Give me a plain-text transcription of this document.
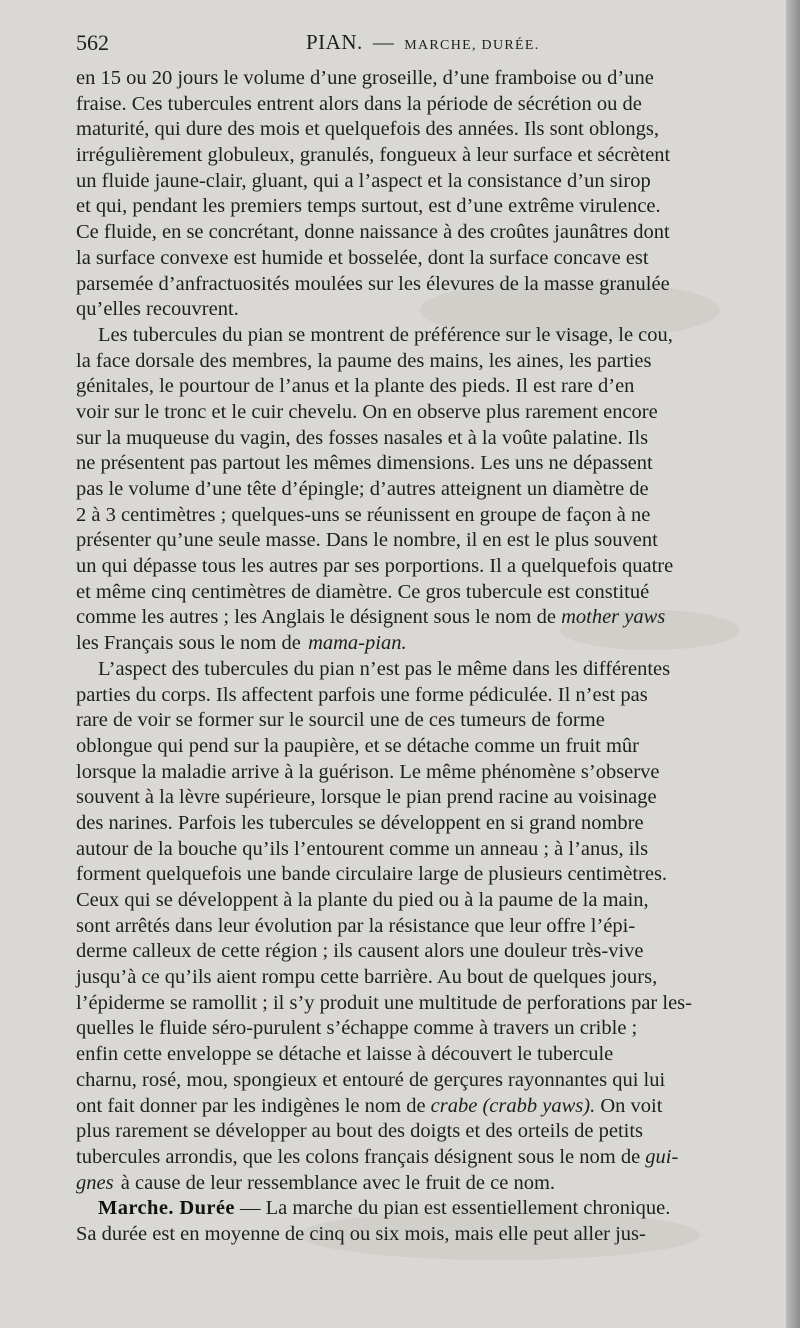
562	PIAN. — MARCHE, DURÉE.
en 15 ou 20 jours le volume d’une groseille, d’une framboise ou d’une
fraise. Ces tubercules entrent alors dans la période de sécrétion ou de
maturité, qui dure des mois et quelquefois des années. Ils sont oblongs,
irrégulièrement globuleux, granulés, fongueux à leur surface et sécrètent
un fluide jaune-clair, gluant, qui a l’aspect et la consistance d’un sirop
et qui, pendant les premiers temps surtout, est d’une extrême virulence.
Ce fluide, en se concrétant, donne naissance à des croûtes jaunâtres dont
la surface convexe est humide et bosselée, dont la surface concave est
parsemée d’anfractuosités moulées sur les élevures de la masse granulée
qu’elles recouvrent.
Les tubercules du pian se montrent de préférence sur le visage, le cou,
la face dorsale des membres, la paume des mains, les aines, les parties
génitales, le pourtour de l’anus et la plante des pieds. Il est rare d’en
voir sur le tronc et le cuir chevelu. On en observe plus rarement encore
sur la muqueuse du vagin, des fosses nasales et à la voûte palatine. Ils
ne présentent pas partout les mêmes dimensions. Les uns ne dépassent
pas le volume d’une tête d’épingle; d’autres atteignent un diamètre de
2 à 3 centimètres ; quelques-uns se réunissent en groupe de façon à ne
présenter qu’une seule masse. Dans le nombre, il en est le plus souvent
un qui dépasse tous les autres par ses porportions. Il a quelquefois quatre
et même cinq centimètres de diamètre. Ce gros tubercule est constitué
comme les autres ; les Anglais le désignent sous le nom de mother yaws
les Français sous le nom de mama-pian.
L’aspect des tubercules du pian n’est pas le même dans les différentes
parties du corps. Ils affectent parfois une forme pédiculée. Il n’est pas
rare de voir se former sur le sourcil une de ces tumeurs de forme
oblongue qui pend sur la paupière, et se détache comme un fruit mûr
lorsque la maladie arrive à la guérison. Le même phénomène s’observe
souvent à la lèvre supérieure, lorsque le pian prend racine au voisinage
des narines. Parfois les tubercules se développent en si grand nombre
autour de la bouche qu’ils l’entourent comme un anneau ; à l’anus, ils
forment quelquefois une bande circulaire large de plusieurs centimètres.
Ceux qui se développent à la plante du pied ou à la paume de la main,
sont arrêtés dans leur évolution par la résistance que leur offre l’épi-
derme calleux de cette région ; ils causent alors une douleur très-vive
jusqu’à ce qu’ils aient rompu cette barrière. Au bout de quelques jours,
l’épiderme se ramollit ; il s’y produit une multitude de perforations par les-
quelles le fluide séro-purulent s’échappe comme à travers un crible ;
enfin cette enveloppe se détache et laisse à découvert le tubercule
charnu, rosé, mou, spongieux et entouré de gerçures rayonnantes qui lui
ont fait donner par les indigènes le nom de crabe (crabb yaws). On voit
plus rarement se développer au bout des doigts et des orteils de petits
tubercules arrondis, que les colons français désignent sous le nom de gui-
gnes à cause de leur ressemblance avec le fruit de ce nom.
Marche. Durée — La marche du pian est essentiellement chronique.
Sa durée est en moyenne de cinq ou six mois, mais elle peut aller jus-
